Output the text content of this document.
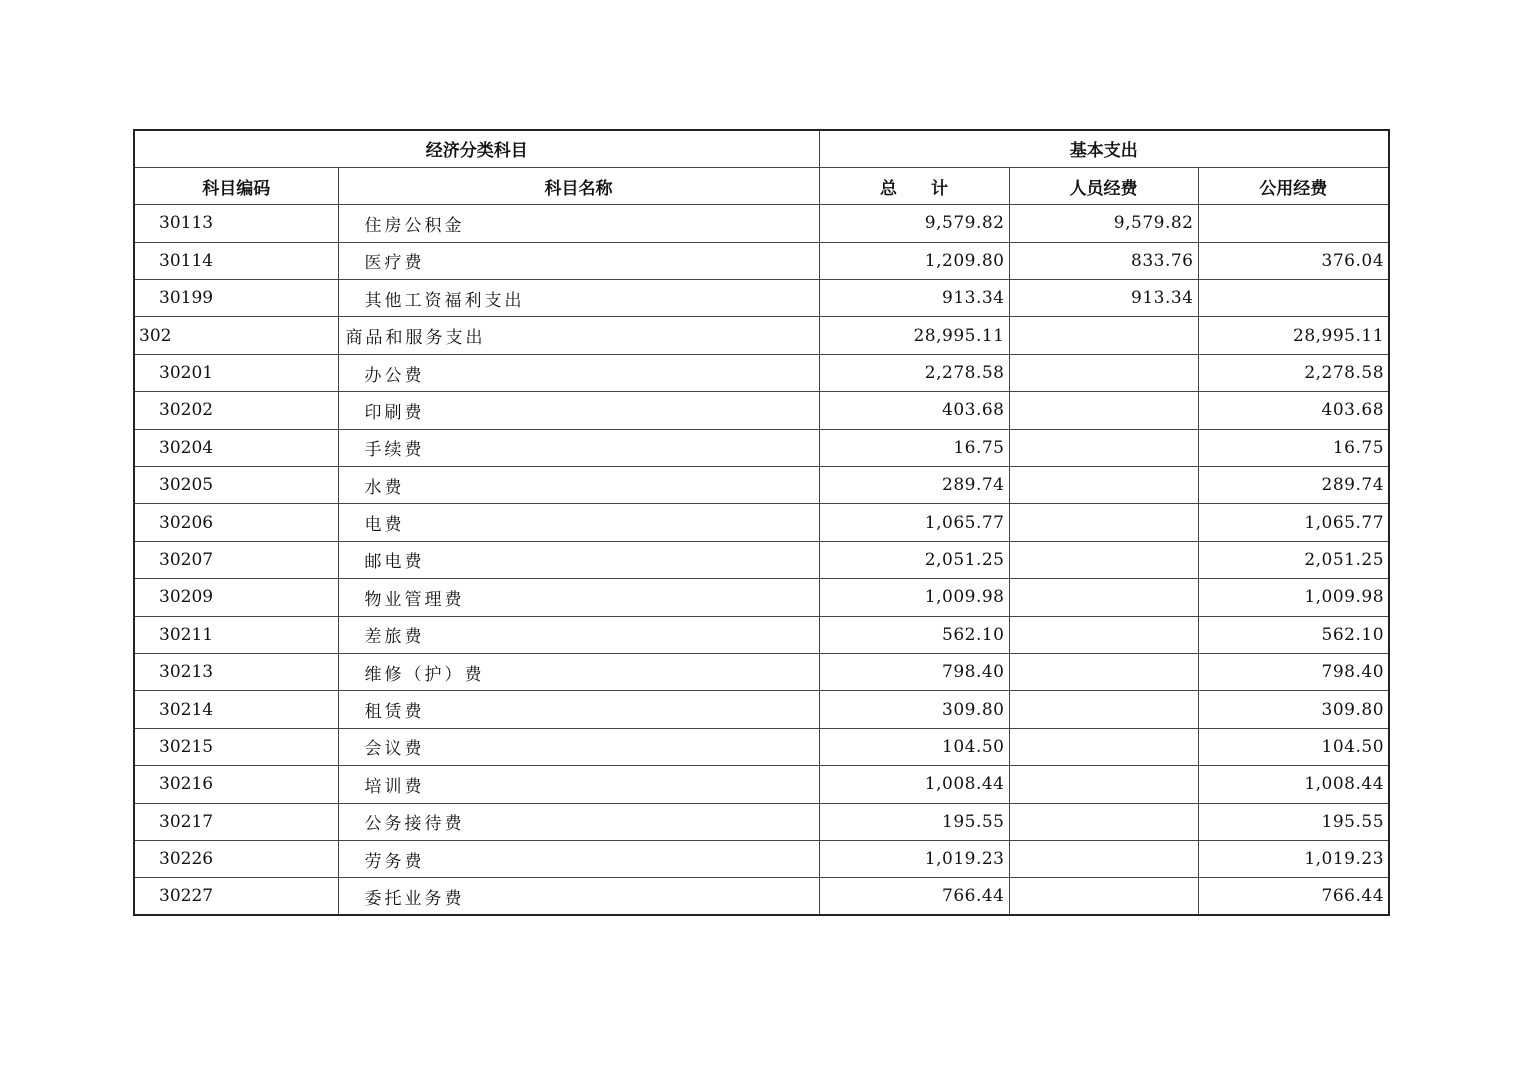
经济分类科目		基本支出		
科目编码	科目名称	总　　计	人员经费	公用经费
30113	住房公积金	9,579.82	9,579.82	
30114	医疗费	1,209.80	833.76	376.04
30199	其他工资福利支出	913.34	913.34	
302	商品和服务支出	28,995.11		28,995.11
30201	办公费	2,278.58		2,278.58
30202	印刷费	403.68		403.68
30204	手续费	16.75		16.75
30205	水费	289.74		289.74
30206	电费	1,065.77		1,065.77
30207	邮电费	2,051.25		2,051.25
30209	物业管理费	1,009.98		1,009.98
30211	差旅费	562.10		562.10
30213	维修（护）费	798.40		798.40
30214	租赁费	309.80		309.80
30215	会议费	104.50		104.50
30216	培训费	1,008.44		1,008.44
30217	公务接待费	195.55		195.55
30226	劳务费	1,019.23		1,019.23
30227	委托业务费	766.44		766.44
